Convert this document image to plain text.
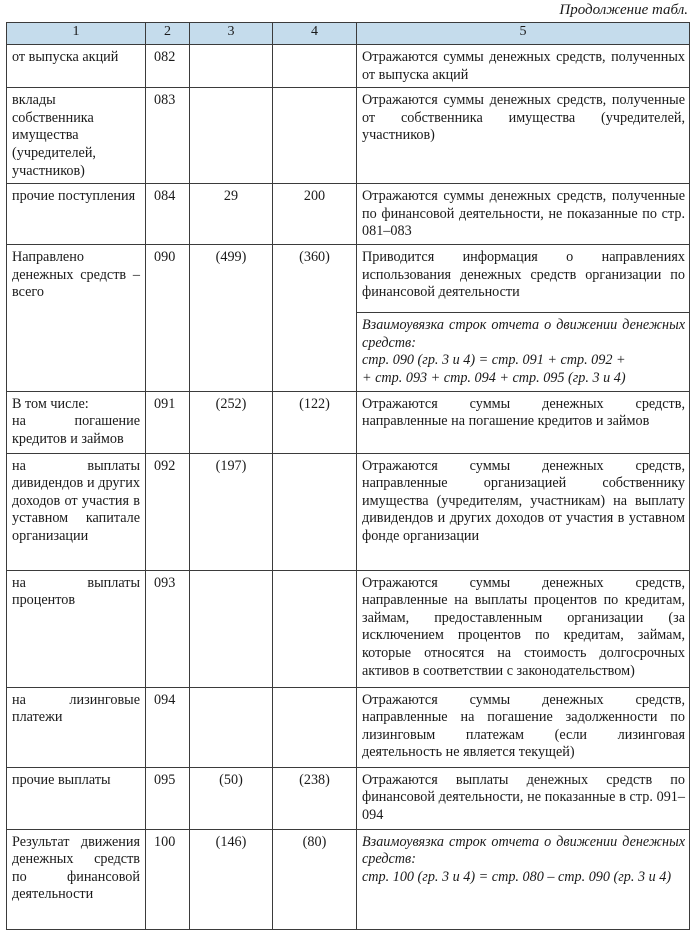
Продолжение табл.
1	2	3	4	5
от выпуска акций	082			Отражаются суммы денежных средств, полученных от выпуска акций
вклады собственника имущества (учредителей, участников)	083			Отражаются суммы денежных средств, полученные от собственника имущества (учредителей, участников)
прочие поступления	084	29	200	Отражаются суммы денежных средств, полученные по финансовой деятельности, не показанные по стр. 081–083
Направлено денежных средств – всего	090	(499)	(360)	Приводится информация о направлениях использования денежных средств организации по финансовой деятельности

				Взаимоувязка строк отчета о движении денежных средств:
стр. 090 (гр. 3 и 4) = стр. 091 + стр. 092 +
+ стр. 093 + стр. 094 + стр. 095 (гр. 3 и 4)

В том числе:
на погашение кредитов и займов	091	(252)	(122)	Отражаются суммы денежных средств, направленные на погашение кредитов и займов
на выплаты дивидендов и других доходов от участия в уставном капитале организации	092	(197)		Отражаются суммы денежных средств, направленные организацией собственнику имущества (учредителям, участникам) на выплату дивидендов и других доходов от участия в уставном фонде организации
на выплаты процентов	093			Отражаются суммы денежных средств, направленные на выплаты процентов по кредитам, займам, предоставленным организации (за исключением процентов по кредитам, займам, которые относятся на стоимость долгосрочных активов в соответствии с законодательством)
на лизинговые платежи	094			Отражаются суммы денежных средств, направленные на погашение задолженности по лизинговым платежам (если лизинговая деятельность не является текущей)
прочие выплаты	095	(50)	(238)	Отражаются выплаты денежных средств по финансовой деятельности, не показанные в стр. 091–094
Результат движения денежных средств по финансовой деятельности	100	(146)	(80)	Взаимоувязка строк отчета о движении денежных средств:
стр. 100 (гр. 3 и 4) = стр. 080 – стр. 090 (гр. 3 и 4)
